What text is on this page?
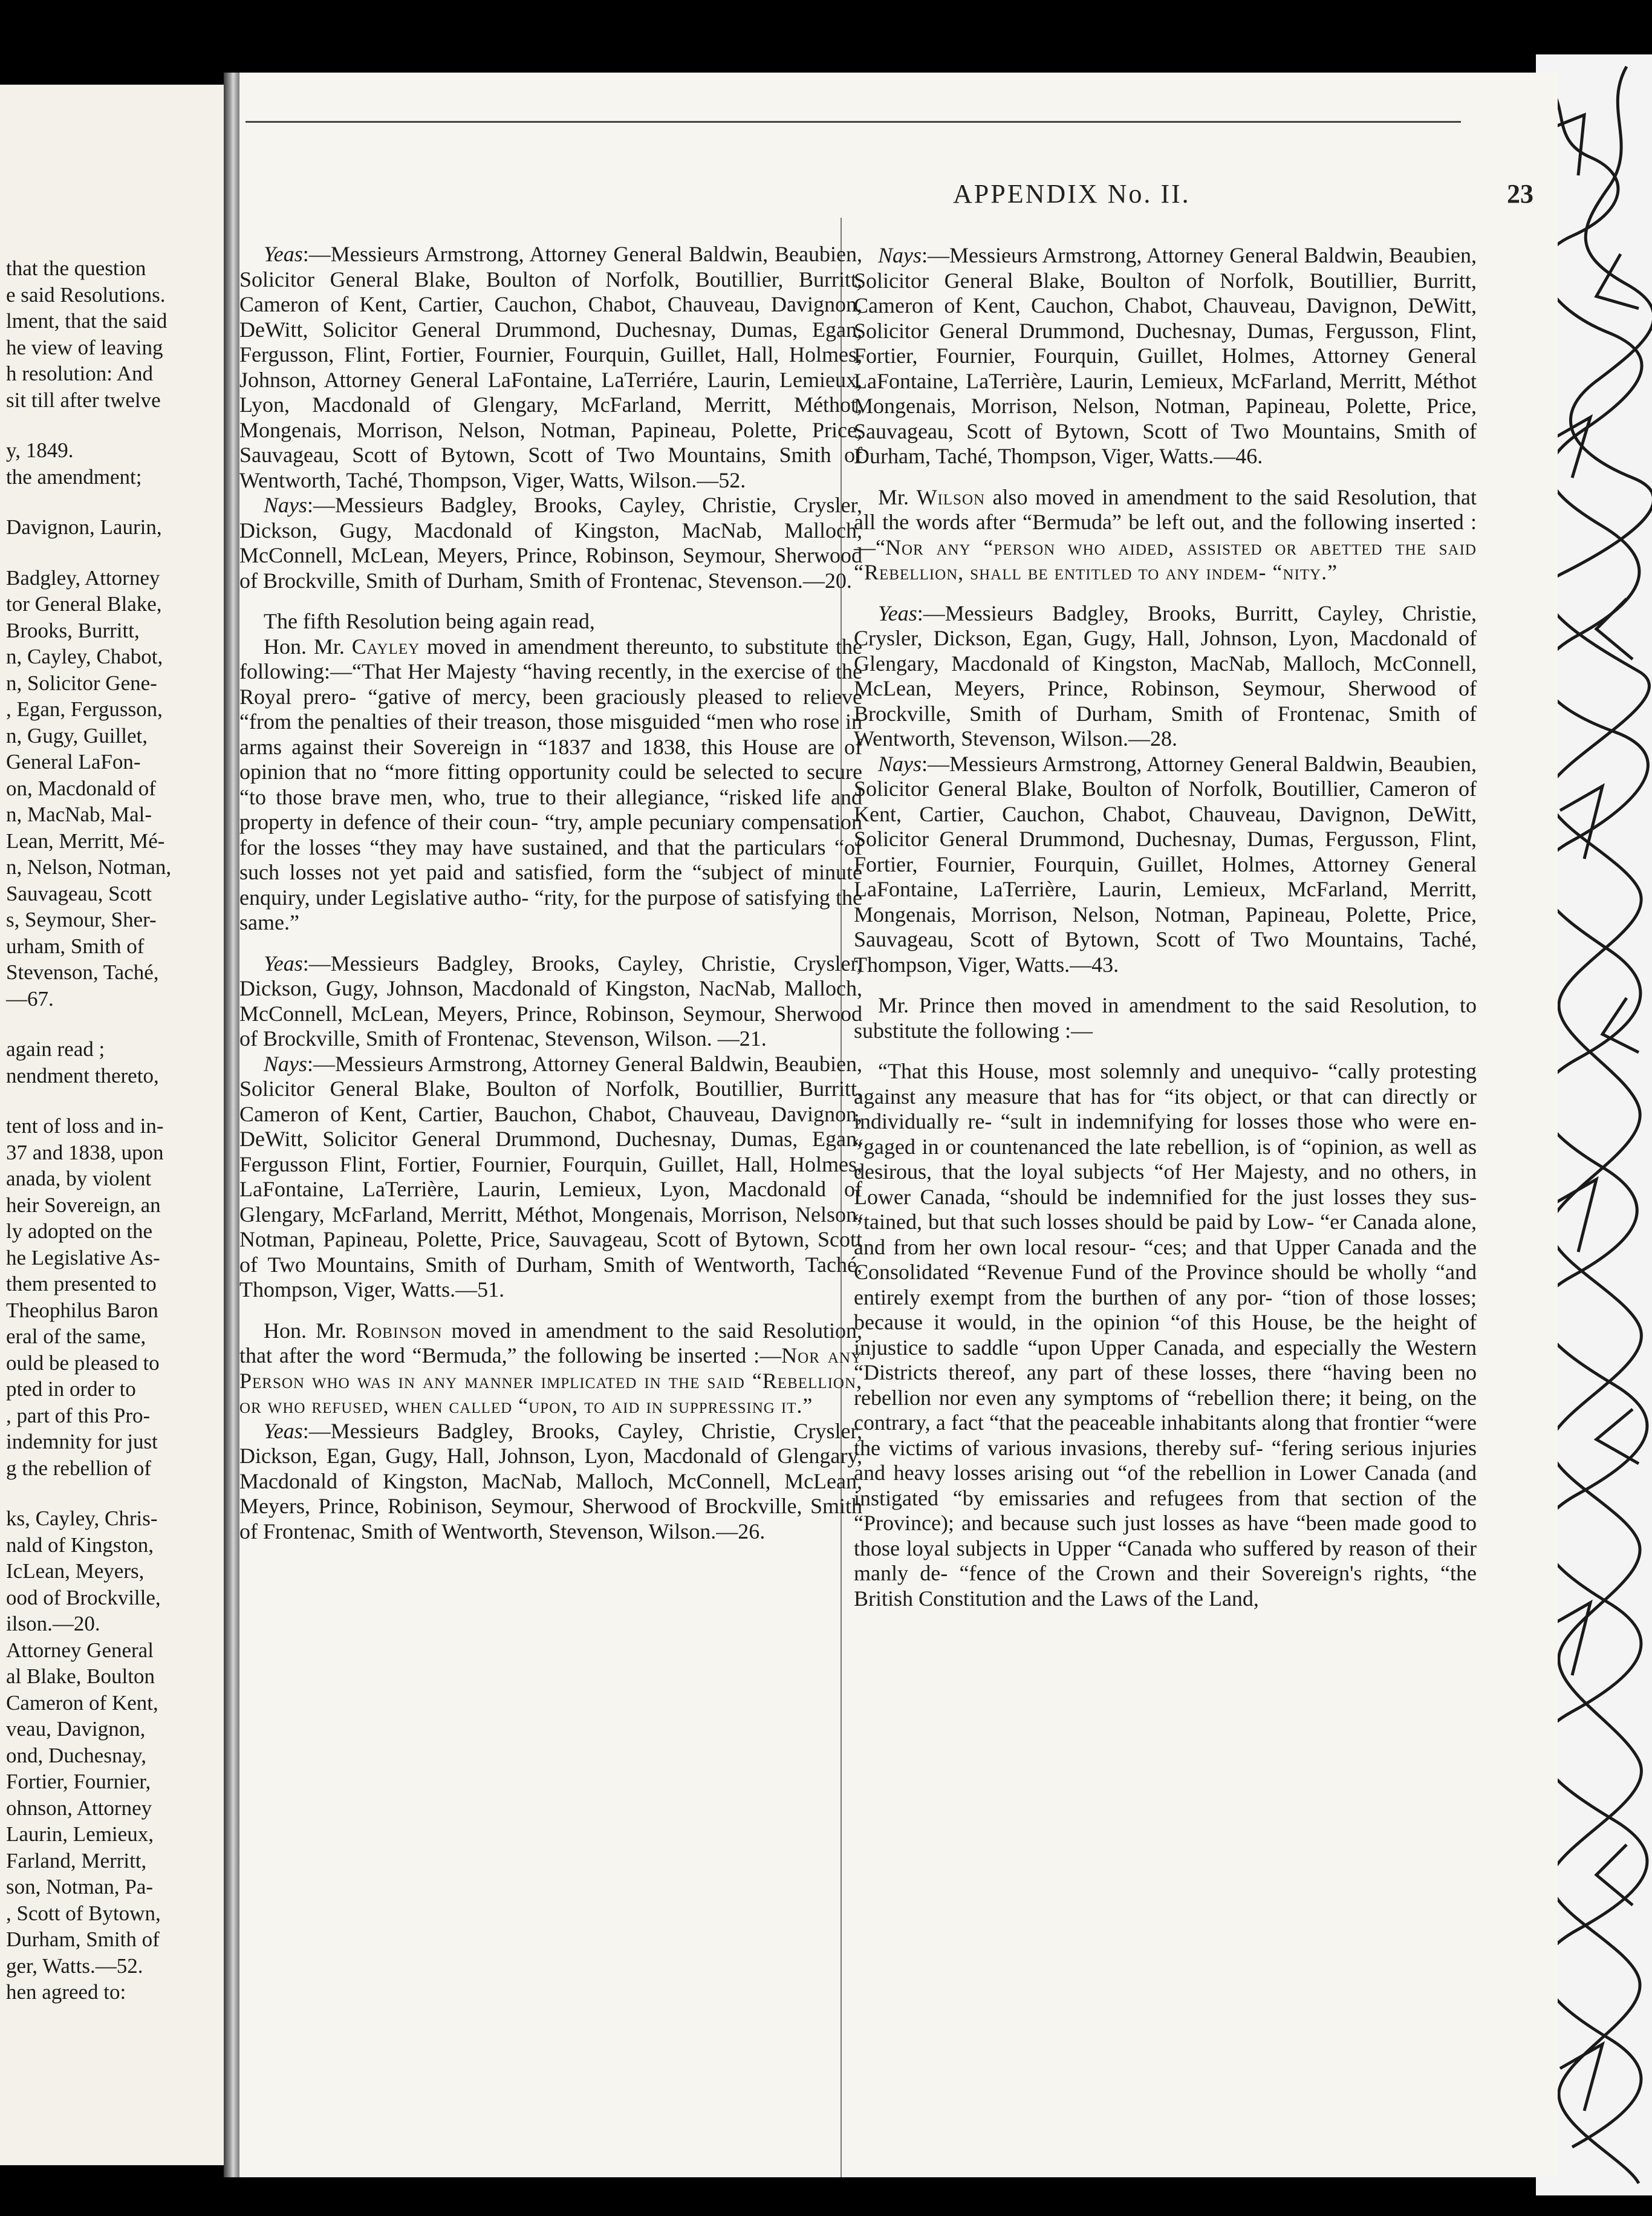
that the question
e said Resolutions.
lment, that the said
he view of leaving
h resolution: And
sit till after twelve
y, 1849.
the amendment;
Davignon, Laurin,
Badgley, Attorney
tor General Blake,
Brooks, Burritt,
n, Cayley, Chabot,
n, Solicitor Gene-
, Egan, Fergusson,
n, Gugy, Guillet,
General LaFon-
on, Macdonald of
n, MacNab, Mal-
Lean, Merritt, Mé-
n, Nelson, Notman,
Sauvageau, Scott
s, Seymour, Sher-
urham, Smith of
Stevenson, Taché,
—67.
again read ;
nendment thereto,
tent of loss and in-
37 and 1838, upon
anada, by violent
heir Sovereign, an
ly adopted on the
he Legislative As-
them presented to
Theophilus Baron
eral of the same,
ould be pleased to
pted in order to
, part of this Pro-
indemnity for just
g the rebellion of
ks, Cayley, Chris-
nald of Kingston,
IcLean, Meyers,
ood of Brockville,
ilson.—20.
Attorney General
al Blake, Boulton
Cameron of Kent,
veau, Davignon,
ond, Duchesnay,
Fortier, Fournier,
ohnson, Attorney
Laurin, Lemieux,
Farland, Merritt,
son, Notman, Pa-
, Scott of Bytown,
Durham, Smith of
ger, Watts.—52.
hen agreed to:
APPENDIX No. II.	23

Yeas:—Messieurs Armstrong, Attorney General Baldwin, Beaubien, Solicitor General Blake, Boulton of Norfolk, Boutillier, Burritt, Cameron of Kent, Cartier, Cauchon, Chabot, Chauveau, Davignon, DeWitt, Solicitor General Drummond, Duchesnay, Dumas, Egan, Fergusson, Flint, Fortier, Fournier, Fourquin, Guillet, Hall, Holmes, Johnson, Attorney General LaFontaine, LaTerriére, Laurin, Lemieux, Lyon, Macdonald of Glengary, McFarland, Merritt, Méthot, Mongenais, Morrison, Nelson, Notman, Papineau, Polette, Price, Sauvageau, Scott of Bytown, Scott of Two Mountains, Smith of Wentworth, Taché, Thompson, Viger, Watts, Wilson.—52.

Nays:—Messieurs Badgley, Brooks, Cayley, Christie, Crysler, Dickson, Gugy, Macdonald of Kingston, MacNab, Malloch, McConnell, McLean, Meyers, Prince, Robinson, Seymour, Sherwood of Brockville, Smith of Durham, Smith of Frontenac, Stevenson.—20.

The fifth Resolution being again read,

Hon. Mr. Cayley moved in amendment thereunto, to substitute the following:—“That Her Majesty “having recently, in the exercise of the Royal prero- “gative of mercy, been graciously pleased to relieve “from the penalties of their treason, those misguided “men who rose in arms against their Sovereign in “1837 and 1838, this House are of opinion that no “more fitting opportunity could be selected to secure “to those brave men, who, true to their allegiance, “risked life and property in defence of their coun- “try, ample pecuniary compensation for the losses “they may have sustained, and that the particulars “of such losses not yet paid and satisfied, form the “subject of minute enquiry, under Legislative autho- “rity, for the purpose of satisfying the same.”

Yeas:—Messieurs Badgley, Brooks, Cayley, Christie, Crysler, Dickson, Gugy, Johnson, Macdonald of Kingston, NacNab, Malloch, McConnell, McLean, Meyers, Prince, Robinson, Seymour, Sherwood of Brockville, Smith of Frontenac, Stevenson, Wilson. —21.

Nays:—Messieurs Armstrong, Attorney General Baldwin, Beaubien, Solicitor General Blake, Boulton of Norfolk, Boutillier, Burritt, Cameron of Kent, Cartier, Bauchon, Chabot, Chauveau, Davignon, DeWitt, Solicitor General Drummond, Duchesnay, Dumas, Egan, Fergusson Flint, Fortier, Fournier, Fourquin, Guillet, Hall, Holmes, LaFontaine, LaTerrière, Laurin, Lemieux, Lyon, Macdonald of Glengary, McFarland, Merritt, Méthot, Mongenais, Morrison, Nelson, Notman, Papineau, Polette, Price, Sauvageau, Scott of Bytown, Scott of Two Mountains, Smith of Durham, Smith of Wentworth, Taché, Thompson, Viger, Watts.—51.

Hon. Mr. Robinson moved in amendment to the said Resolution, that after the word “Bermuda,” the following be inserted :—Nor any Person who was in any manner implicated in the said “Rebellion, or who refused, when called “upon, to aid in suppressing it.”

Yeas:—Messieurs Badgley, Brooks, Cayley, Christie, Crysler, Dickson, Egan, Gugy, Hall, Johnson, Lyon, Macdonald of Glengary, Macdonald of Kingston, MacNab, Malloch, McConnell, McLean, Meyers, Prince, Robinison, Seymour, Sherwood of Brockville, Smith of Frontenac, Smith of Wentworth, Stevenson, Wilson.—26.

Nays:—Messieurs Armstrong, Attorney General Baldwin, Beaubien, Solicitor General Blake, Boulton of Norfolk, Boutillier, Burritt, Cameron of Kent, Cauchon, Chabot, Chauveau, Davignon, DeWitt, Solicitor General Drummond, Duchesnay, Dumas, Fergusson, Flint, Fortier, Fournier, Fourquin, Guillet, Holmes, Attorney General LaFontaine, LaTerrière, Laurin, Lemieux, McFarland, Merritt, Méthot Mongenais, Morrison, Nelson, Notman, Papineau, Polette, Price, Sauvageau, Scott of Bytown, Scott of Two Mountains, Smith of Durham, Taché, Thompson, Viger, Watts.—46.

Mr. Wilson also moved in amendment to the said Resolution, that all the words after “Bermuda” be left out, and the following inserted :—“Nor any “person who aided, assisted or abetted the said “Rebellion, shall be entitled to any indem- “nity.”

Yeas:—Messieurs Badgley, Brooks, Burritt, Cayley, Christie, Crysler, Dickson, Egan, Gugy, Hall, Johnson, Lyon, Macdonald of Glengary, Macdonald of Kingston, MacNab, Malloch, McConnell, McLean, Meyers, Prince, Robinson, Seymour, Sherwood of Brockville, Smith of Durham, Smith of Frontenac, Smith of Wentworth, Stevenson, Wilson.—28.

Nays:—Messieurs Armstrong, Attorney General Baldwin, Beaubien, Solicitor General Blake, Boulton of Norfolk, Boutillier, Cameron of Kent, Cartier, Cauchon, Chabot, Chauveau, Davignon, DeWitt, Solicitor General Drummond, Duchesnay, Dumas, Fergusson, Flint, Fortier, Fournier, Fourquin, Guillet, Holmes, Attorney General LaFontaine, LaTerrière, Laurin, Lemieux, McFarland, Merritt, Mongenais, Morrison, Nelson, Notman, Papineau, Polette, Price, Sauvageau, Scott of Bytown, Scott of Two Mountains, Taché, Thompson, Viger, Watts.—43.

Mr. Prince then moved in amendment to the said Resolution, to substitute the following :—

“That this House, most solemnly and unequivo- “cally protesting against any measure that has for “its object, or that can directly or individually re- “sult in indemnifying for losses those who were en- “gaged in or countenanced the late rebellion, is of “opinion, as well as desirous, that the loyal subjects “of Her Majesty, and no others, in Lower Canada, “should be indemnified for the just losses they sus- “tained, but that such losses should be paid by Low- “er Canada alone, and from her own local resour- “ces; and that Upper Canada and the Consolidated “Revenue Fund of the Province should be wholly “and entirely exempt from the burthen of any por- “tion of those losses; because it would, in the opinion “of this House, be the height of injustice to saddle “upon Upper Canada, and especially the Western “Districts thereof, any part of these losses, there “having been no rebellion nor even any symptoms of “rebellion there; it being, on the contrary, a fact “that the peaceable inhabitants along that frontier “were the victims of various invasions, thereby suf- “fering serious injuries and heavy losses arising out “of the rebellion in Lower Canada (and instigated “by emissaries and refugees from that section of the “Province); and because such just losses as have “been made good to those loyal subjects in Upper “Canada who suffered by reason of their manly de- “fence of the Crown and their Sovereign's rights, “the British Constitution and the Laws of the Land,
